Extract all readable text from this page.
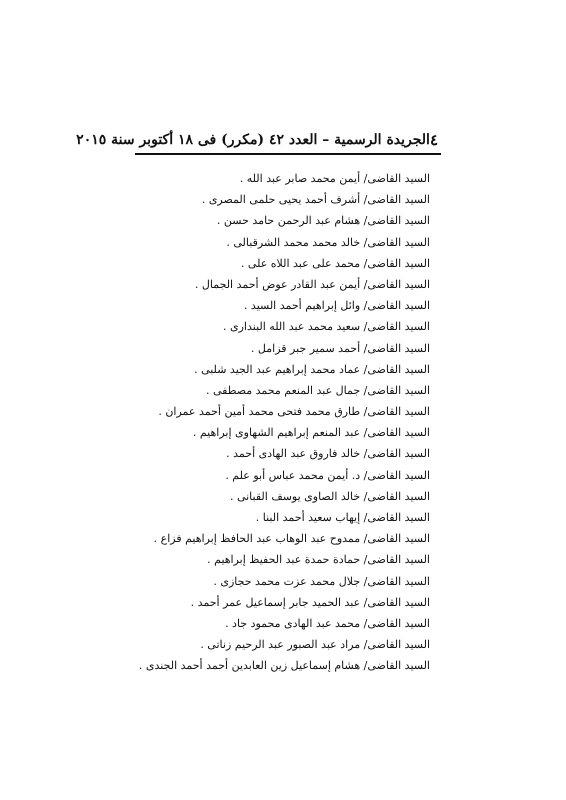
٤
الجريدة الرسمية – العدد ٤٢ (مكرر) فى ١٨ أكتوبر سنة ٢٠١٥
السيد القاضى/ أيمن محمد صابر عبد الله .
السيد القاضى/ أشرف أحمد يحيى حلمى المصرى .
السيد القاضى/ هشام عبد الرحمن حامد حسن .
السيد القاضى/ خالد محمد محمد الشرقبالى .
السيد القاضى/ محمد على عبد اللاه على .
السيد القاضى/ أيمن عبد القادر عوض أحمد الجمال .
السيد القاضى/ وائل إبراهيم أحمد السيد .
السيد القاضى/ سعيد محمد عبد الله البندارى .
السيد القاضى/ أحمد سمير جبر قزامل .
السيد القاضى/ عماد محمد إبراهيم عبد الجيد شلبى .
السيد القاضى/ جمال عبد المنعم محمد مصطفى .
السيد القاضى/ طارق محمد فتحى محمد أمين أحمد عمران .
السيد القاضى/ عبد المنعم إبراهيم الشهاوى إبراهيم .
السيد القاضى/ خالد فاروق عبد الهادى أحمد .
السيد القاضى/ د. أيمن محمد عباس أبو علم .
السيد القاضى/ خالد الصاوى يوسف القبانى .
السيد القاضى/ إيهاب سعيد أحمد البنا .
السيد القاضى/ ممدوح عبد الوهاب عبد الحافظ إبراهيم فزاع .
السيد القاضى/ حمادة حمدة عبد الحفيظ إبراهيم .
السيد القاضى/ جلال محمد عزت محمد حجازى .
السيد القاضى/ عبد الحميد جابر إسماعيل عمر أحمد .
السيد القاضى/ محمد عبد الهادى محمود جاد .
السيد القاضى/ مراد عبد الصبور عبد الرحيم زناتى .
السيد القاضى/ هشام إسماعيل زين العابدين أحمد أحمد الجندى .
